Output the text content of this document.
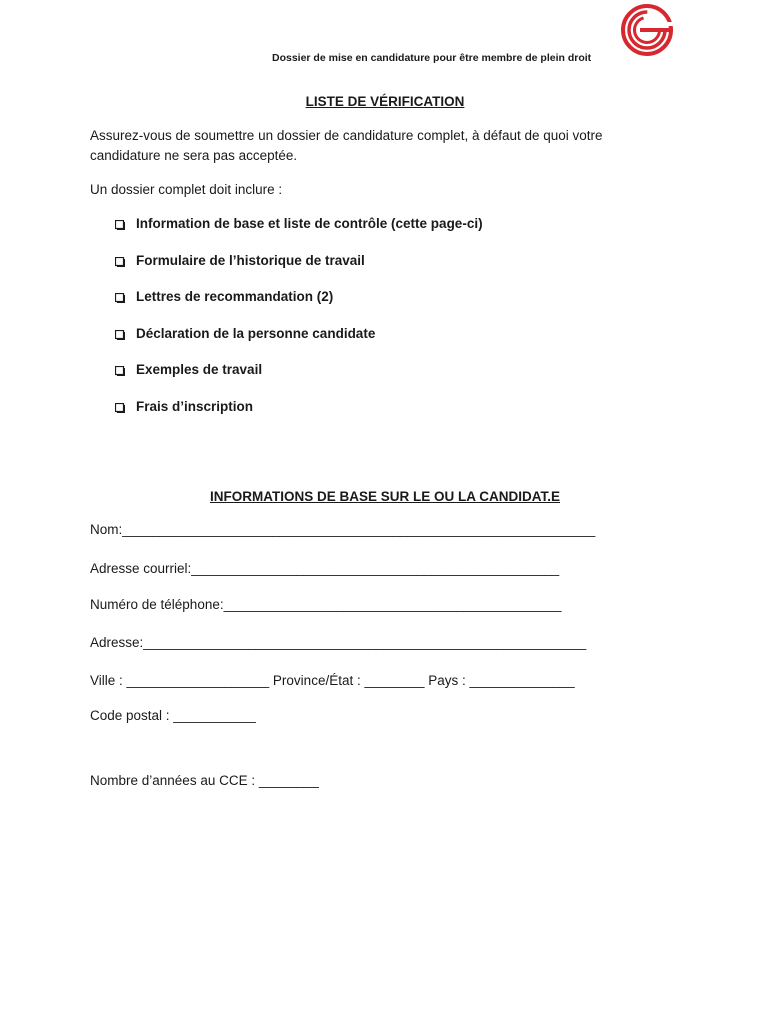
Dossier de mise en candidature pour être membre de plein droit
LISTE DE VÉRIFICATION
Assurez-vous de soumettre un dossier de candidature complet, à défaut de quoi votre candidature ne sera pas acceptée.
Un dossier complet doit inclure :
Information de base et liste de contrôle (cette page-ci)
Formulaire de l’historique de travail
Lettres de recommandation (2)
Déclaration de la personne candidate
Exemples de travail
Frais d’inscription
INFORMATIONS DE BASE SUR LE OU LA CANDIDAT.E
Nom:_______________________________________________________________
Adresse courriel:_________________________________________________
Numéro de téléphone:_____________________________________________
Adresse:___________________________________________________________
Ville : ___________________ Province/État : ________ Pays : ______________
Code postal : ___________
Nombre d’années au CCE : ________
